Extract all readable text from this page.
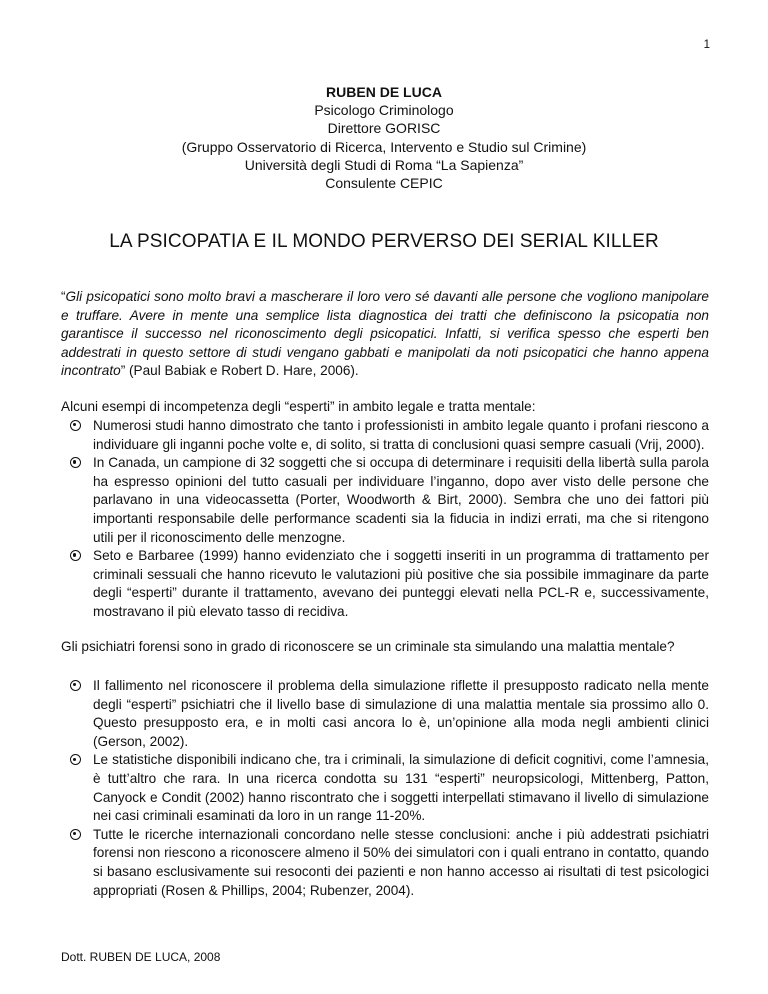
1
RUBEN DE LUCA
Psicologo Criminologo
Direttore GORISC
(Gruppo Osservatorio di Ricerca, Intervento e Studio sul Crimine)
Università degli Studi di Roma “La Sapienza”
Consulente CEPIC
LA PSICOPATIA E IL MONDO PERVERSO DEI SERIAL KILLER
“Gli psicopatici sono molto bravi a mascherare il loro vero sé davanti alle persone che vogliono manipolare e truffare. Avere in mente una semplice lista diagnostica dei tratti che definiscono la psicopatia non garantisce il successo nel riconoscimento degli psicopatici. Infatti, si verifica spesso che esperti ben addestrati in questo settore di studi vengano gabbati e manipolati da noti psicopatici che hanno appena incontrato” (Paul Babiak e Robert D. Hare, 2006).
Alcuni esempi di incompetenza degli “esperti” in ambito legale e tratta mentale:
Numerosi studi hanno dimostrato che tanto i professionisti in ambito legale quanto i profani riescono a individuare gli inganni poche volte e, di solito, si tratta di conclusioni quasi sempre casuali (Vrij, 2000).
In Canada, un campione di 32 soggetti che si occupa di determinare i requisiti della libertà sulla parola ha espresso opinioni del tutto casuali per individuare l’inganno, dopo aver visto delle persone che parlavano in una videocassetta (Porter, Woodworth & Birt, 2000). Sembra che uno dei fattori più importanti responsabile delle performance scadenti sia la fiducia in indizi errati, ma che si ritengono utili per il riconoscimento delle menzogne.
Seto e Barbaree (1999) hanno evidenziato che i soggetti inseriti in un programma di trattamento per criminali sessuali che hanno ricevuto le valutazioni più positive che sia possibile immaginare da parte degli “esperti” durante il trattamento, avevano dei punteggi elevati nella PCL-R e, successivamente, mostravano il più elevato tasso di recidiva.
Gli psichiatri forensi sono in grado di riconoscere se un criminale sta simulando una malattia mentale?
Il fallimento nel riconoscere il problema della simulazione riflette il presupposto radicato nella mente degli “esperti” psichiatri che il livello base di simulazione di una malattia mentale sia prossimo allo 0. Questo presupposto era, e in molti casi ancora lo è, un’opinione alla moda negli ambienti clinici (Gerson, 2002).
Le statistiche disponibili indicano che, tra i criminali, la simulazione di deficit cognitivi, come l’amnesia, è tutt’altro che rara. In una ricerca condotta su 131 “esperti” neuropsicologi, Mittenberg, Patton, Canyock e Condit (2002) hanno riscontrato che i soggetti interpellati stimavano il livello di simulazione nei casi criminali esaminati da loro in un range 11-20%.
Tutte le ricerche internazionali concordano nelle stesse conclusioni: anche i più addestrati psichiatri forensi non riescono a riconoscere almeno il 50% dei simulatori con i quali entrano in contatto, quando si basano esclusivamente sui resoconti dei pazienti e non hanno accesso ai risultati di test psicologici appropriati (Rosen & Phillips, 2004; Rubenzer, 2004).
Dott. RUBEN DE LUCA, 2008
